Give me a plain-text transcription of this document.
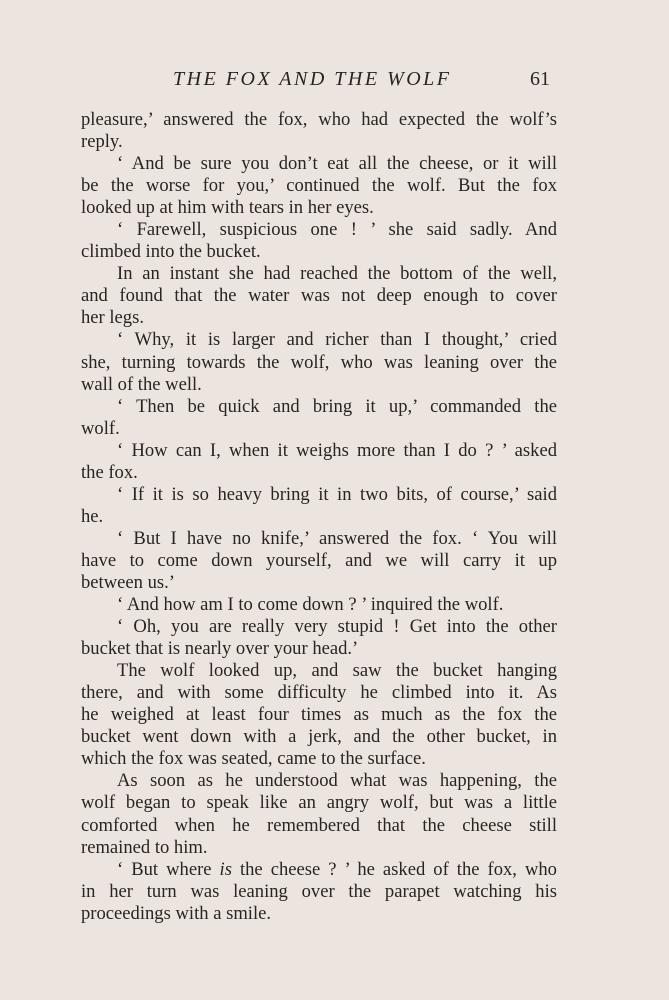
THE FOX AND THE WOLF	61
pleasure,’ answered the fox, who had expected the wolf’s
reply.
‘ And be sure you don’t eat all the cheese, or it will
be the worse for you,’ continued the wolf. But the fox
looked up at him with tears in her eyes.
‘ Farewell, suspicious one ! ’ she said sadly. And
climbed into the bucket.
In an instant she had reached the bottom of the well,
and found that the water was not deep enough to cover
her legs.
‘ Why, it is larger and richer than I thought,’ cried
she, turning towards the wolf, who was leaning over the
wall of the well.
‘ Then be quick and bring it up,’ commanded the
wolf.
‘ How can I, when it weighs more than I do ? ’ asked
the fox.
‘ If it is so heavy bring it in two bits, of course,’ said
he.
‘ But I have no knife,’ answered the fox. ‘ You will
have to come down yourself, and we will carry it up
between us.’
‘ And how am I to come down ? ’ inquired the wolf.
‘ Oh, you are really very stupid ! Get into the other
bucket that is nearly over your head.’
The wolf looked up, and saw the bucket hanging
there, and with some difficulty he climbed into it. As
he weighed at least four times as much as the fox the
bucket went down with a jerk, and the other bucket, in
which the fox was seated, came to the surface.
As soon as he understood what was happening, the
wolf began to speak like an angry wolf, but was a little
comforted when he remembered that the cheese still
remained to him.
‘ But where is the cheese ? ’ he asked of the fox, who
in her turn was leaning over the parapet watching his
proceedings with a smile.
